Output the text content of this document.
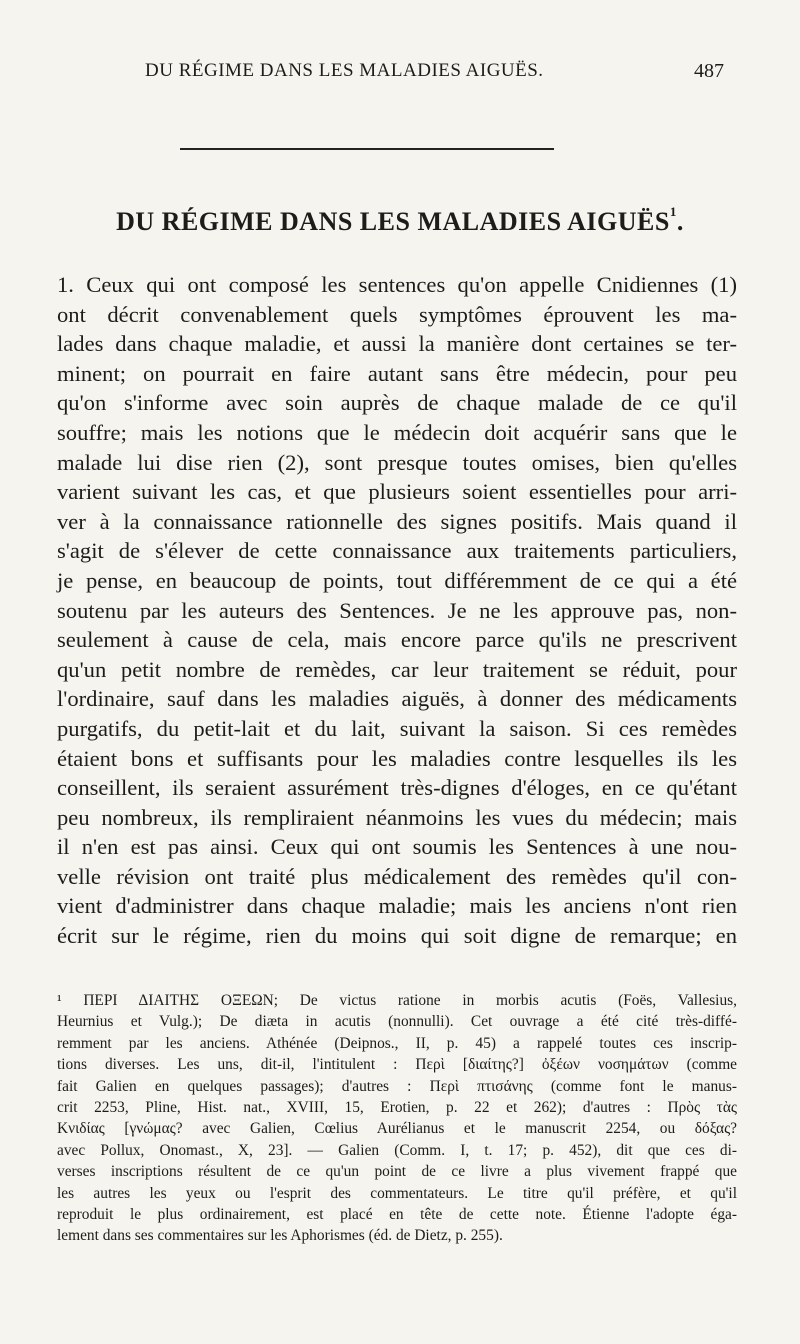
DU RÉGIME DANS LES MALADIES AIGUËS.	487
DU RÉGIME DANS LES MALADIES AIGUËS$^1$.
1. Ceux qui ont composé les sentences qu'on appelle Cnidiennes (1)
ont décrit convenablement quels symptômes éprouvent les ma-
lades dans chaque maladie, et aussi la manière dont certaines se ter-
minent; on pourrait en faire autant sans être médecin, pour peu
qu'on s'informe avec soin auprès de chaque malade de ce qu'il
souffre; mais les notions que le médecin doit acquérir sans que le
malade lui dise rien (2), sont presque toutes omises, bien qu'elles
varient suivant les cas, et que plusieurs soient essentielles pour arri-
ver à la connaissance rationnelle des signes positifs. Mais quand il
s'agit de s'élever de cette connaissance aux traitements particuliers,
je pense, en beaucoup de points, tout différemment de ce qui a été
soutenu par les auteurs des Sentences. Je ne les approuve pas, non-
seulement à cause de cela, mais encore parce qu'ils ne prescrivent
qu'un petit nombre de remèdes, car leur traitement se réduit, pour
l'ordinaire, sauf dans les maladies aiguës, à donner des médicaments
purgatifs, du petit-lait et du lait, suivant la saison. Si ces remèdes
étaient bons et suffisants pour les maladies contre lesquelles ils les
conseillent, ils seraient assurément très-dignes d'éloges, en ce qu'étant
peu nombreux, ils rempliraient néanmoins les vues du médecin; mais
il n'en est pas ainsi. Ceux qui ont soumis les Sentences à une nou-
velle révision ont traité plus médicalement des remèdes qu'il con-
vient d'administrer dans chaque maladie; mais les anciens n'ont rien
écrit sur le régime, rien du moins qui soit digne de remarque; en
¹ ΠΕΡΙ ΔΙΑΙΤΗΣ ΟΞΕΩΝ; De victus ratione in morbis acutis (Foës, Vallesius,
Heurnius et Vulg.); De diæta in acutis (nonnulli). Cet ouvrage a été cité très-diffé-
remment par les anciens. Athénée (Deipnos., II, p. 45) a rappelé toutes ces inscrip-
tions diverses. Les uns, dit-il, l'intitulent : Περὶ [διαίτης?] ὀξέων νοσημάτων (comme
fait Galien en quelques passages); d'autres : Περὶ πτισάνης (comme font le manus-
crit 2253, Pline, Hist. nat., XVIII, 15, Erotien, p. 22 et 262); d'autres : Πρὸς τὰς
Κνιδίας [γνώμας? avec Galien, Cœlius Aurélianus et le manuscrit 2254, ou δόξας?
avec Pollux, Onomast., X, 23]. — Galien (Comm. I, t. 17; p. 452), dit que ces di-
verses inscriptions résultent de ce qu'un point de ce livre a plus vivement frappé que
les autres les yeux ou l'esprit des commentateurs. Le titre qu'il préfère, et qu'il
reproduit le plus ordinairement, est placé en tête de cette note. Étienne l'adopte éga-
lement dans ses commentaires sur les Aphorismes (éd. de Dietz, p. 255).
